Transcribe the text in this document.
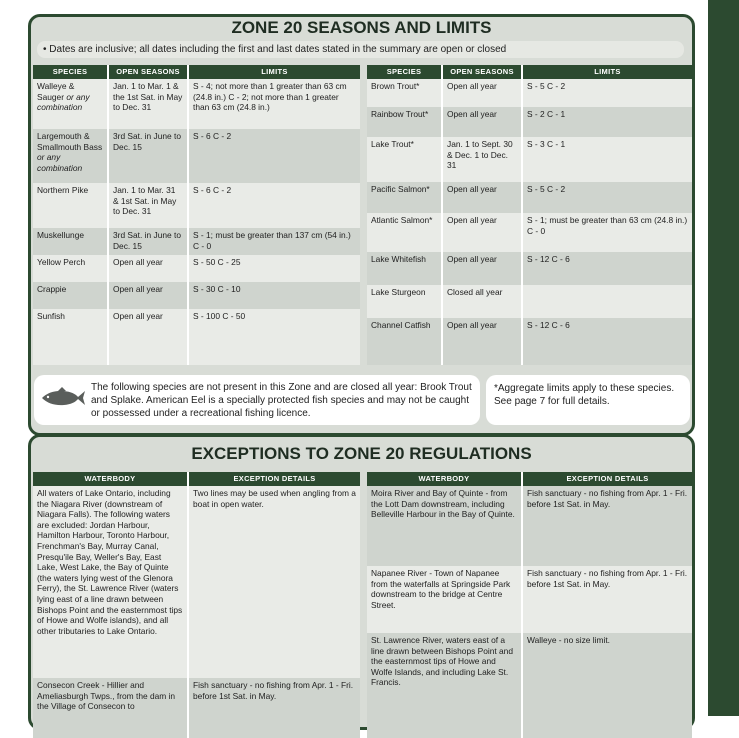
ZONE 20 SEASONS AND LIMITS
• Dates are inclusive; all dates including the first and last dates stated in the summary are open or closed
SPECIES	OPEN SEASONS	LIMITS
Walleye & Sauger or any combination	Jan. 1 to Mar. 1 & the 1st Sat. in May to Dec. 31	S - 4; not more than 1 greater than 63 cm (24.8 in.) C - 2; not more than 1 greater than 63 cm (24.8 in.)
Largemouth & Smallmouth Bass or any combination	3rd Sat. in June to Dec. 15	S - 6 C - 2
Northern Pike	Jan. 1 to Mar. 31 & 1st Sat. in May to Dec. 31	S - 6 C - 2
Muskellunge	3rd Sat. in June to Dec. 15	S - 1; must be greater than 137 cm (54 in.) C - 0
Yellow Perch	Open all year	S - 50 C - 25
Crappie	Open all year	S - 30 C - 10
Sunfish	Open all year	S - 100 C - 50
SPECIES	OPEN SEASONS	LIMITS
Brown Trout*	Open all year	S - 5 C - 2
Rainbow Trout*	Open all year	S - 2 C - 1
Lake Trout*	Jan. 1 to Sept. 30 & Dec. 1 to Dec. 31	S - 3 C - 1
Pacific Salmon*	Open all year	S - 5 C - 2
Atlantic Salmon*	Open all year	S - 1; must be greater than 63 cm (24.8 in.) C - 0
Lake Whitefish	Open all year	S - 12 C - 6
Lake Sturgeon	Closed all year	
Channel Catfish	Open all year	S - 12 C - 6
The following species are not present in this Zone and are closed all year: Brook Trout and Splake. American Eel is a specially protected fish species and may not be caught or possessed under a recreational fishing licence.
*Aggregate limits apply to these species. See page 7 for full details.
EXCEPTIONS TO ZONE 20 REGULATIONS
WATERBODY	EXCEPTION DETAILS
All waters of Lake Ontario, including the Niagara River (downstream of Niagara Falls). The following waters are excluded: Jordan Harbour, Hamilton Harbour, Toronto Harbour, Frenchman's Bay, Murray Canal, Presqu'ile Bay, Weller's Bay, East Lake, West Lake, the Bay of Quinte (the waters lying west of the Glenora Ferry), the St. Lawrence River (waters lying east of a line drawn between Bishops Point and the easternmost tips of Howe and Wolfe islands), and all other tributaries to Lake Ontario.	Two lines may be used when angling from a boat in open water.
Consecon Creek - Hillier and Ameliasburgh Twps., from the dam in the Village of Consecon to	Fish sanctuary - no fishing from Apr. 1 - Fri. before 1st Sat. in May.
WATERBODY	EXCEPTION DETAILS
Moira River and Bay of Quinte - from the Lott Dam downstream, including Belleville Harbour in the Bay of Quinte.	Fish sanctuary - no fishing from Apr. 1 - Fri. before 1st Sat. in May.
Napanee River - Town of Napanee from the waterfalls at Springside Park downstream to the bridge at Centre Street.	Fish sanctuary - no fishing from Apr. 1 - Fri. before 1st Sat. in May.
St. Lawrence River, waters east of a line drawn between Bishops Point and the easternmost tips of Howe and Wolfe Islands, and including Lake St. Francis.	Walleye - no size limit.
